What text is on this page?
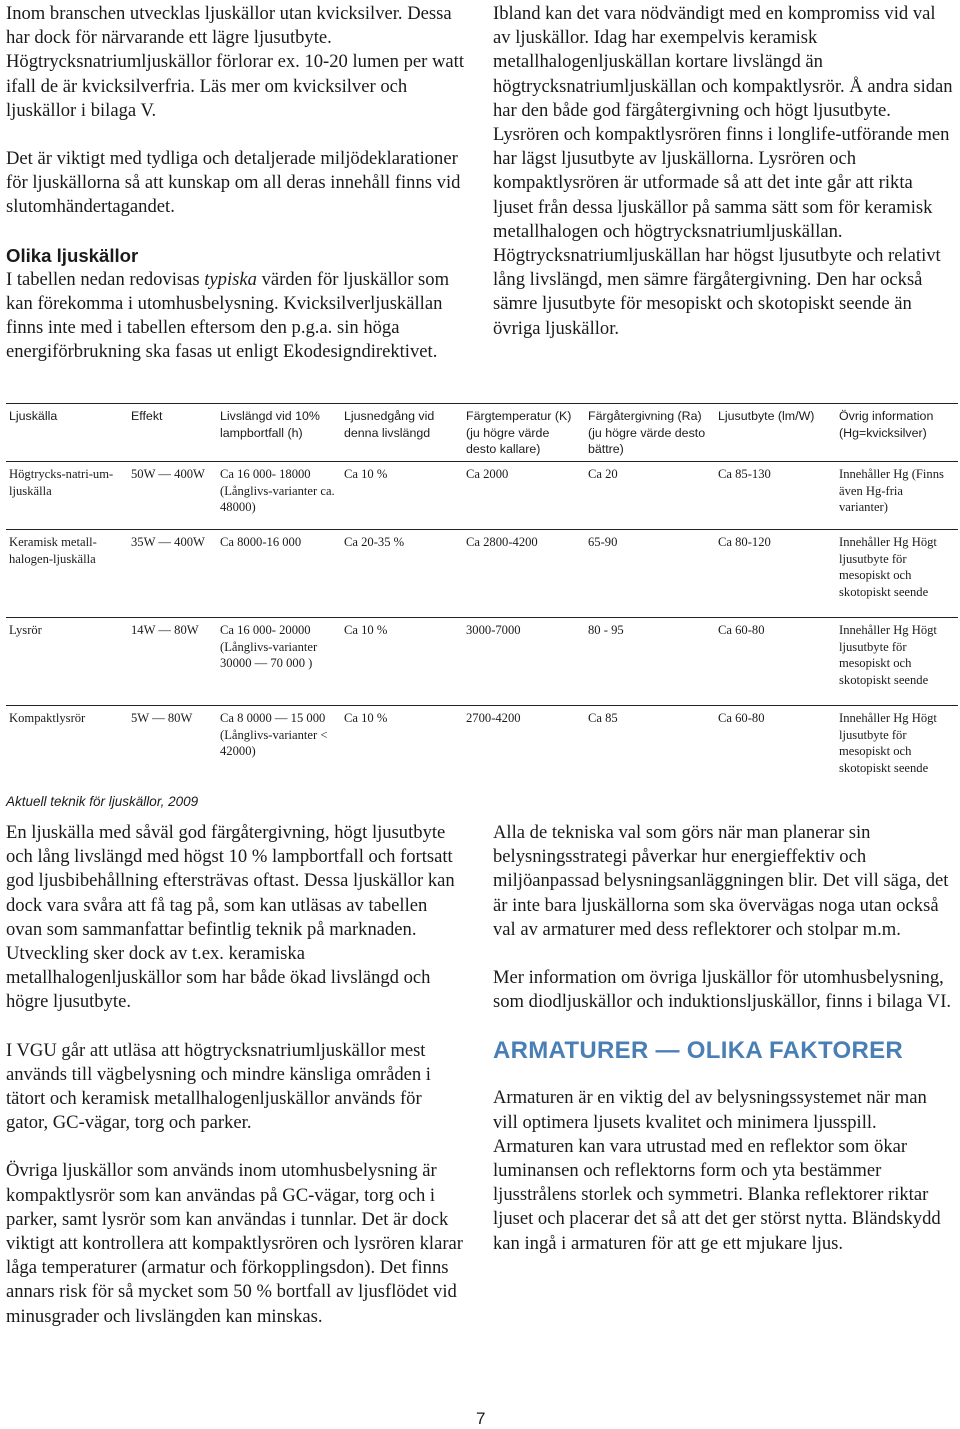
Inom branschen utvecklas ljuskällor utan kvicksilver. Dessa har dock för närvarande ett lägre ljusutbyte. Högtrycksnatriumljuskällor förlorar ex. 10-20 lumen per watt ifall de är kvicksilverfria. Läs mer om kvicksilver och ljuskällor i bilaga V.

Det är viktigt med tydliga och detaljerade miljödeklarationer för ljuskällorna så att kunskap om all deras innehåll finns vid slutomhändertagandet.

Olika ljuskällor

I tabellen nedan redovisas typiska värden för ljuskällor som kan förekomma i utomhusbelysning. Kvicksilverljuskällan finns inte med i tabellen eftersom den p.g.a. sin höga energiförbrukning ska fasas ut enligt Ekodesigndirektivet.

Ibland kan det vara nödvändigt med en kompromiss vid val av ljuskällor. Idag har exempelvis keramisk metallhalogenljuskällan kortare livslängd än högtrycksnatriumljuskällan och kompaktlysrör. Å andra sidan har den både god färgåtergivning och högt ljusutbyte. Lysrören och kompaktlysrören finns i longlife-utförande men har lägst ljusutbyte av ljuskällorna. Lysrören och kompaktlysrören är utformade så att det inte går att rikta ljuset från dessa ljuskällor på samma sätt som för keramisk metallhalogen och högtrycksnatriumljuskällan. Högtrycksnatriumljuskällan har högst ljusutbyte och relativt lång livslängd, men sämre färgåtergivning. Den har också sämre ljusutbyte för mesopiskt och skotopiskt seende än övriga ljuskällor.

Ljuskälla	Effekt	Livslängd vid 10% lampbortfall (h)	Ljusnedgång vid denna livslängd	Färgtemperatur (K) (ju högre värde desto kallare)	Färgåtergivning (Ra) (ju högre värde desto bättre)	Ljusutbyte (lm/W)	Övrig information (Hg=kvicksilver)
Högtrycks-natri-um-ljuskälla	50W — 400W	Ca 16 000- 18000 (Långlivs-varianter ca. 48000)	Ca 10 %	Ca 2000	Ca 20	Ca 85-130	Innehåller Hg (Finns även Hg-fria varianter)
Keramisk metall-halogen-ljuskälla	35W — 400W	Ca 8000-16 000	Ca 20-35 %	Ca 2800-4200	65-90	Ca 80-120	Innehåller Hg Högt ljusutbyte för mesopiskt och skotopiskt seende
Lysrör	14W — 80W	Ca 16 000- 20000 (Långlivs-varianter 30000 — 70 000 )	Ca 10 %	3000-7000	80 - 95	Ca 60-80	Innehåller Hg Högt ljusutbyte för mesopiskt och skotopiskt seende
Kompaktlysrör	5W — 80W	Ca 8 0000 — 15 000 (Långlivs-varianter < 42000)	Ca 10 %	2700-4200	Ca 85	Ca 60-80	Innehåller Hg Högt ljusutbyte för mesopiskt och skotopiskt seende
Aktuell teknik för ljuskällor, 2009

En ljuskälla med såväl god färgåtergivning, högt ljusutbyte och lång livslängd med högst 10 % lampbortfall och fortsatt god ljusbibehållning eftersträvas oftast. Dessa ljuskällor kan dock vara svåra att få tag på, som kan utläsas av tabellen ovan som sammanfattar befintlig teknik på marknaden. Utveckling sker dock av t.ex. keramiska metallhalogenljuskällor som har både ökad livslängd och högre ljusutbyte.

I VGU går att utläsa att högtrycksnatriumljuskällor mest används till vägbelysning och mindre känsliga områden i tätort och keramisk metallhalogenljuskällor används för gator, GC-vägar, torg och parker.

Övriga ljuskällor som används inom utomhusbelysning är kompaktlysrör som kan användas på GC-vägar, torg och i parker, samt lysrör som kan användas i tunnlar. Det är dock viktigt att kontrollera att kompaktlysrören och lysrören klarar låga temperaturer (armatur och förkopplingsdon). Det finns annars risk för så mycket som 50 % bortfall av ljusflödet vid minusgrader och livslängden kan minskas.

Alla de tekniska val som görs när man planerar sin belysningsstrategi påverkar hur energieffektiv och miljöanpassad belysningsanläggningen blir. Det vill säga, det är inte bara ljuskällorna som ska övervägas noga utan också val av armaturer med dess reflektorer och stolpar m.m.

Mer information om övriga ljuskällor för utomhusbelysning, som diodljuskällor och induktionsljuskällor, finns i bilaga VI.

ARMATURER — OLIKA FAKTORER

Armaturen är en viktig del av belysningssystemet när man vill optimera ljusets kvalitet och minimera ljusspill. Armaturen kan vara utrustad med en reflektor som ökar luminansen och reflektorns form och yta bestämmer ljusstrålens storlek och symmetri. Blanka reflektorer riktar ljuset och placerar det så att det ger störst nytta. Bländskydd kan ingå i armaturen för att ge ett mjukare ljus.

7
